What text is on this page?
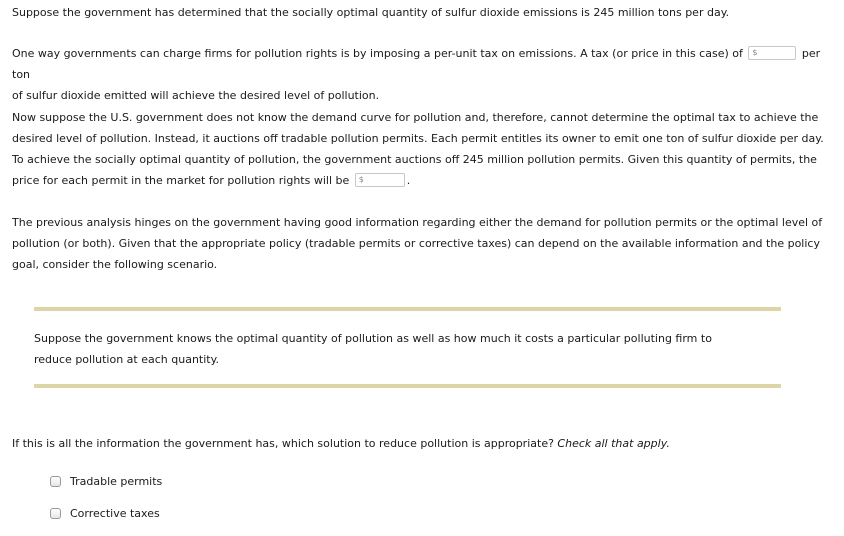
Suppose the government has determined that the socially optimal quantity of sulfur dioxide emissions is 245 million tons per day.

One way governments can charge firms for pollution rights is by imposing a per-unit tax on emissions. A tax (or price in this case) of $	per ton
of sulfur dioxide emitted will achieve the desired level of pollution.

Now suppose the U.S. government does not know the demand curve for pollution and, therefore, cannot determine the optimal tax to achieve the desired level of pollution. Instead, it auctions off tradable pollution permits. Each permit entitles its owner to emit one ton of sulfur dioxide per day. To achieve the socially optimal quantity of pollution, the government auctions off 245 million pollution permits. Given this quantity of permits, the price for each permit in the market for pollution rights will be $	.

The previous analysis hinges on the government having good information regarding either the demand for pollution permits or the optimal level of pollution (or both). Given that the appropriate policy (tradable permits or corrective taxes) can depend on the available information and the policy goal, consider the following scenario.

Suppose the government knows the optimal quantity of pollution as well as how much it costs a particular polluting firm to reduce pollution at each quantity.

If this is all the information the government has, which solution to reduce pollution is appropriate? Check all that apply.

Tradable permits
Corrective taxes
